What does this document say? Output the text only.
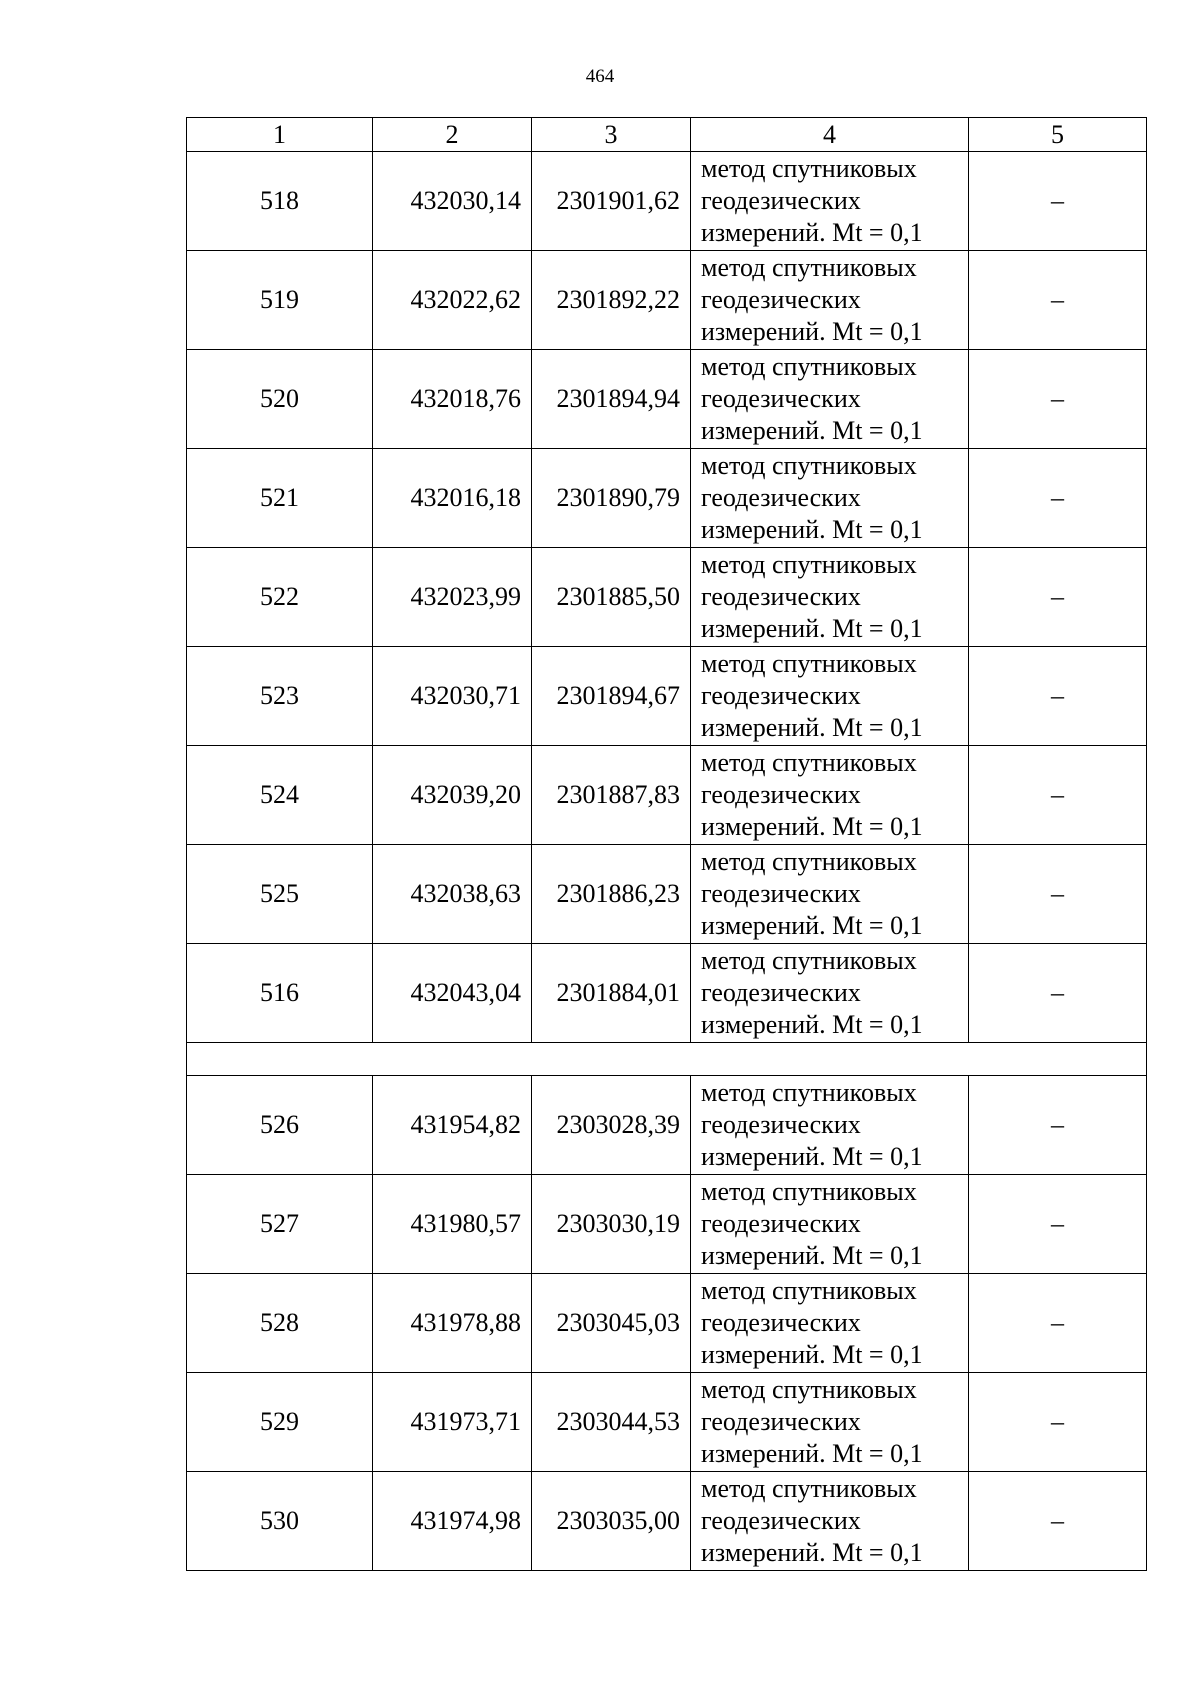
464
1	2	3	4	5
518	432030,14	2301901,62	метод спутниковых
геодезических
измерений. Mt = 0,1	–
519	432022,62	2301892,22	метод спутниковых
геодезических
измерений. Mt = 0,1	–
520	432018,76	2301894,94	метод спутниковых
геодезических
измерений. Mt = 0,1	–
521	432016,18	2301890,79	метод спутниковых
геодезических
измерений. Mt = 0,1	–
522	432023,99	2301885,50	метод спутниковых
геодезических
измерений. Mt = 0,1	–
523	432030,71	2301894,67	метод спутниковых
геодезических
измерений. Mt = 0,1	–
524	432039,20	2301887,83	метод спутниковых
геодезических
измерений. Mt = 0,1	–
525	432038,63	2301886,23	метод спутниковых
геодезических
измерений. Mt = 0,1	–
516	432043,04	2301884,01	метод спутниковых
геодезических
измерений. Mt = 0,1	–

526	431954,82	2303028,39	метод спутниковых
геодезических
измерений. Mt = 0,1	–
527	431980,57	2303030,19	метод спутниковых
геодезических
измерений. Mt = 0,1	–
528	431978,88	2303045,03	метод спутниковых
геодезических
измерений. Mt = 0,1	–
529	431973,71	2303044,53	метод спутниковых
геодезических
измерений. Mt = 0,1	–
530	431974,98	2303035,00	метод спутниковых
геодезических
измерений. Mt = 0,1	–
